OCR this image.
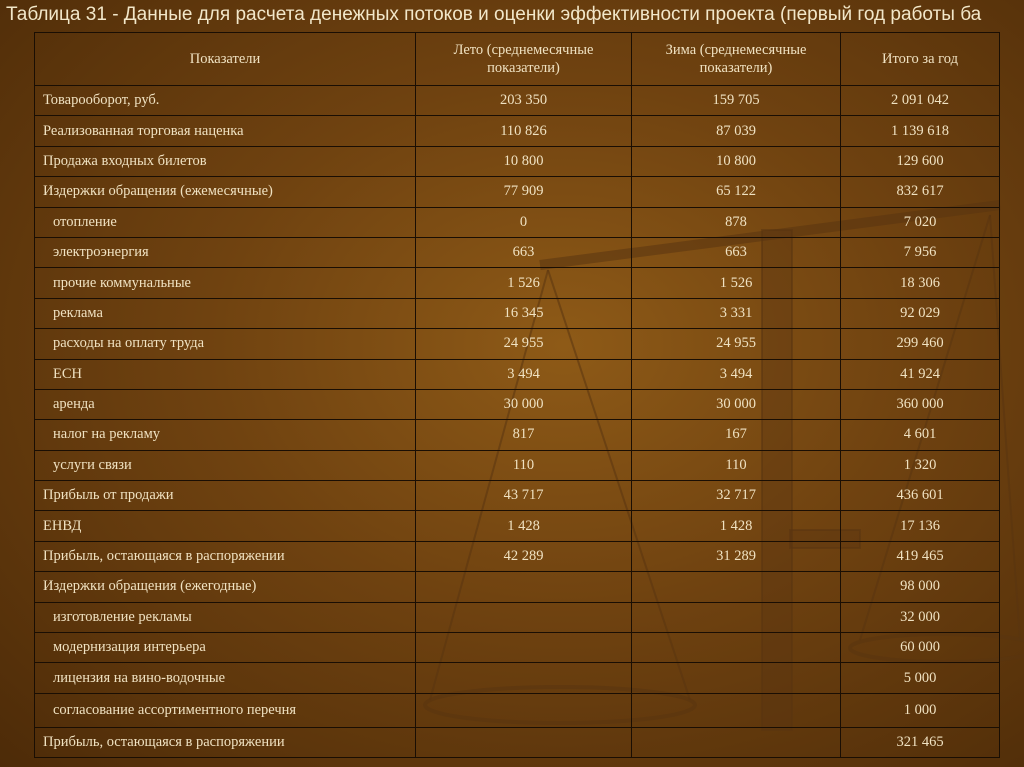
Таблица 31 - Данные для расчета денежных потоков и оценки эффективности проекта (первый год работы ба
Показатели	Лето (среднемесячные показатели)	Зима (среднемесячные показатели)	Итого за год
Товарооборот, руб.	203 350	159 705	2 091 042
Реализованная торговая наценка	110 826	87 039	1 139 618
Продажа входных билетов	10 800	10 800	129 600
Издержки обращения (ежемесячные)	77 909	65 122	832 617
отопление	0	878	7 020
электроэнергия	663	663	7 956
прочие коммунальные	1 526	1 526	18 306
реклама	16 345	3 331	92 029
расходы на оплату труда	24 955	24 955	299 460
ЕСН	3 494	3 494	41 924
аренда	30 000	30 000	360 000
налог на рекламу	817	167	4 601
услуги связи	110	110	1 320
Прибыль от продажи	43 717	32 717	436 601
ЕНВД	1 428	1 428	17 136
Прибыль, остающаяся в распоряжении	42 289	31 289	419 465
Издержки обращения (ежегодные)			98 000
изготовление рекламы			32 000
модернизация интерьера			60 000
лицензия на вино-водочные			5 000
согласование ассортиментного перечня			1 000
Прибыль, остающаяся в распоряжении			321 465
